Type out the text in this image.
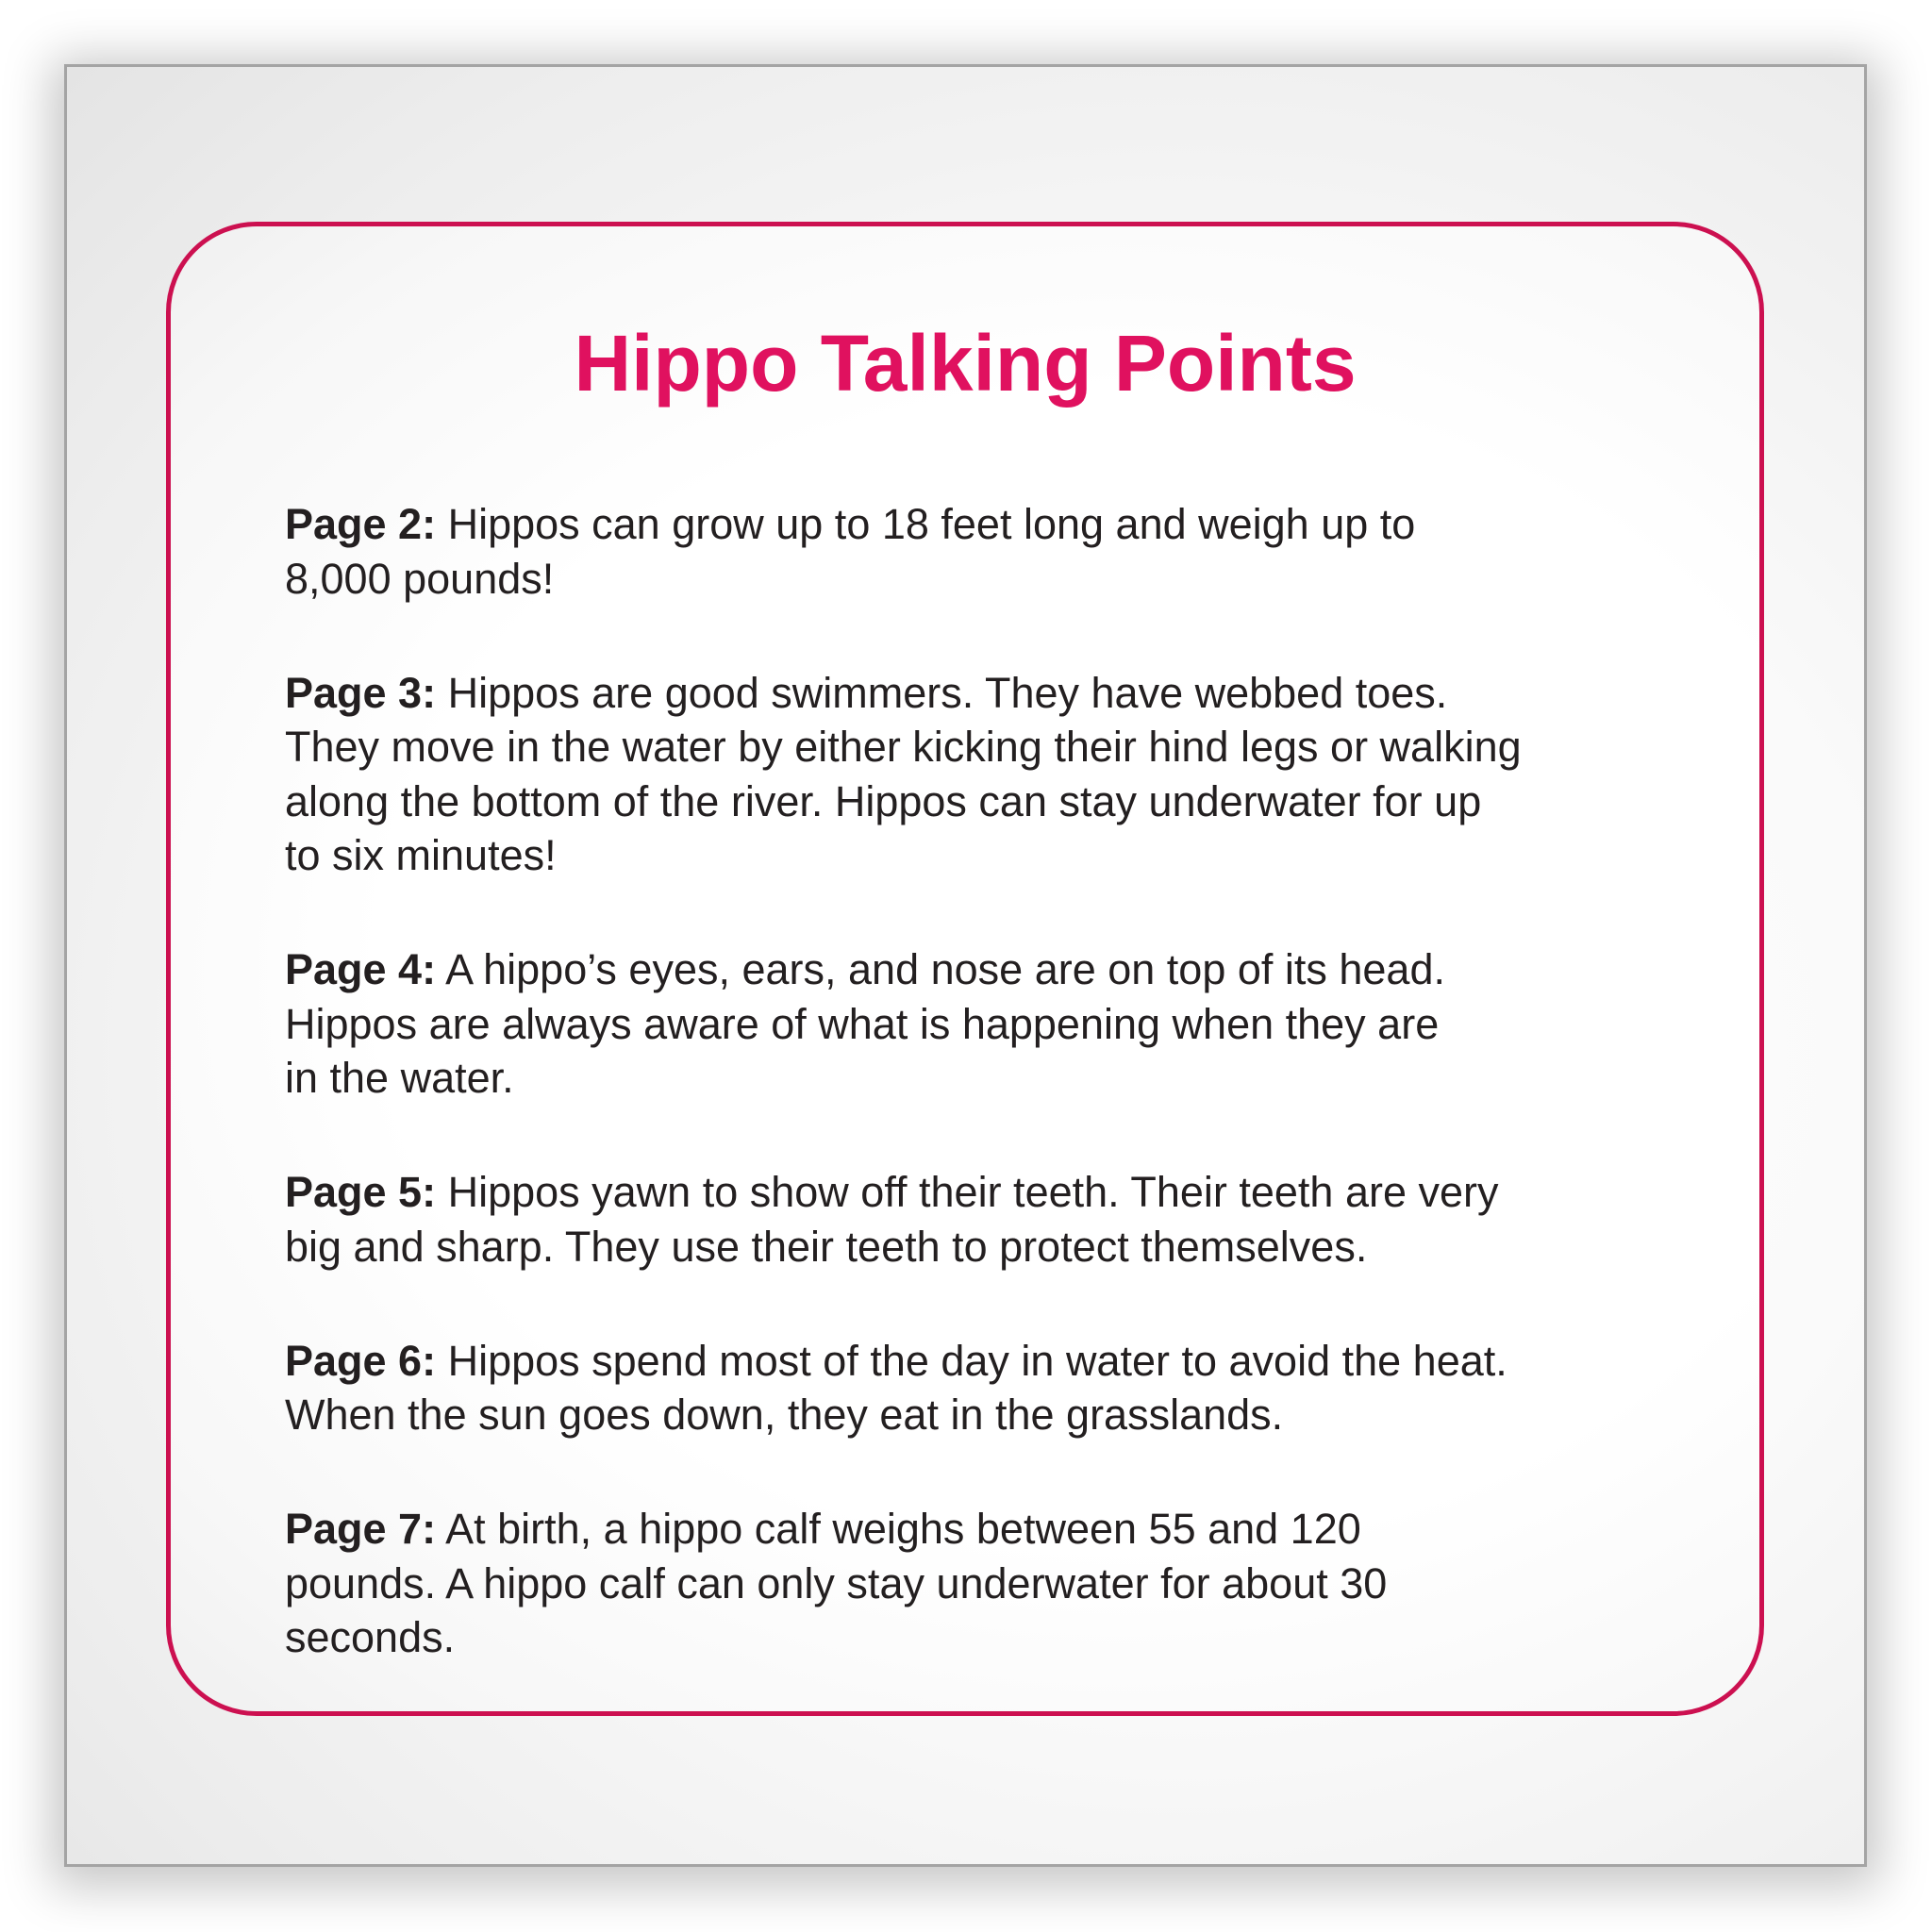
Hippo Talking Points
Page 2: Hippos can grow up to 18 feet long and weigh up to
8,000 pounds!
Page 3: Hippos are good swimmers. They have webbed toes.
They move in the water by either kicking their hind legs or walking
along the bottom of the river. Hippos can stay underwater for up
to six minutes!
Page 4: A hippo’s eyes, ears, and nose are on top of its head.
Hippos are always aware of what is happening when they are
in the water.
Page 5: Hippos yawn to show off their teeth. Their teeth are very
big and sharp. They use their teeth to protect themselves.
Page 6: Hippos spend most of the day in water to avoid the heat.
When the sun goes down, they eat in the grasslands.
Page 7: At birth, a hippo calf weighs between 55 and 120
pounds. A hippo calf can only stay underwater for about 30
seconds.
